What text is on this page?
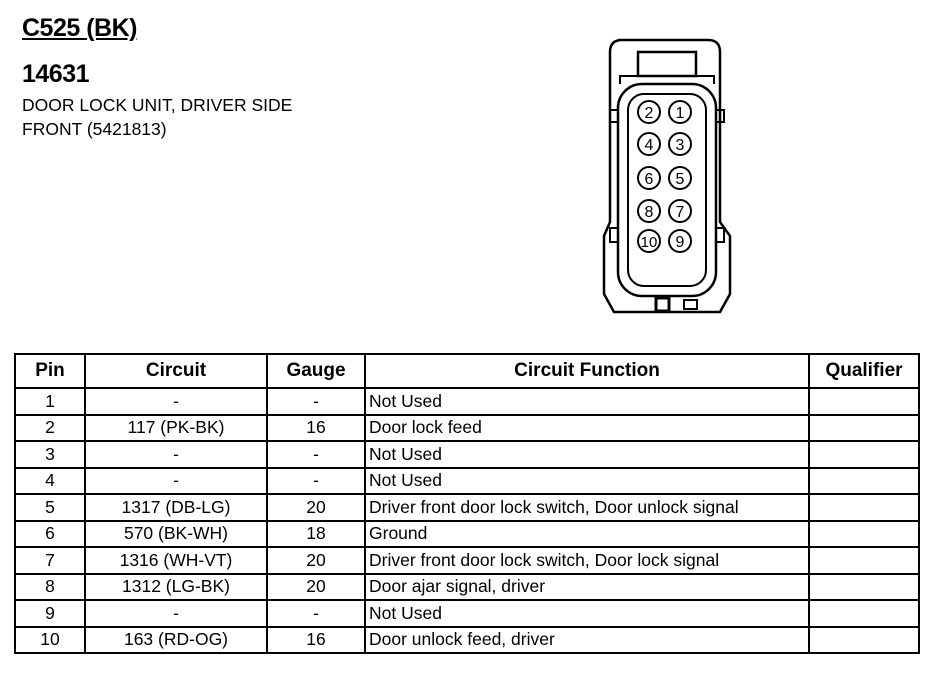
C525 (BK)
14631
DOOR LOCK UNIT, DRIVER SIDE
FRONT (5421813)
2
4
6
8
10
1
3
5
7
9
Pin	Circuit	Gauge	Circuit Function	Qualifier
1	-	-	Not Used	
2	117 (PK-BK)	16	Door lock feed	
3	-	-	Not Used	
4	-	-	Not Used	
5	1317 (DB-LG)	20	Driver front door lock switch, Door unlock signal	
6	570 (BK-WH)	18	Ground	
7	1316 (WH-VT)	20	Driver front door lock switch, Door lock signal	
8	1312 (LG-BK)	20	Door ajar signal, driver	
9	-	-	Not Used	
10	163 (RD-OG)	16	Door unlock feed, driver	
